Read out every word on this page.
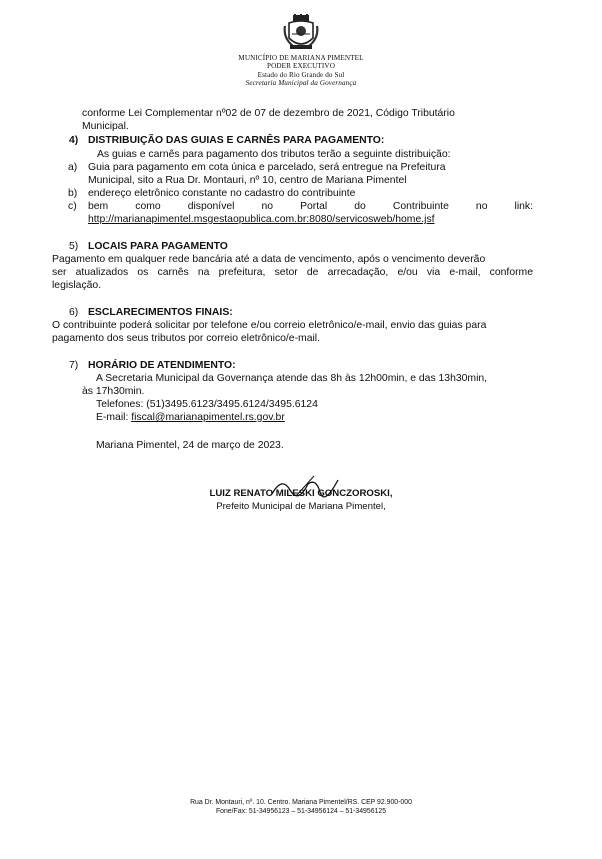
MUNICÍPIO DE MARIANA PIMENTEL
PODER EXECUTIVO
Estado do Rio Grande do Sul
Secretaria Municipal da Governança
conforme Lei Complementar nº02 de 07 de dezembro de 2021, Código Tributário
Municipal.
4) DISTRIBUIÇÃO DAS GUIAS E CARNÊS PARA PAGAMENTO:
As guias e carnês para pagamento dos tributos terão a seguinte distribuição:
a) Guia para pagamento em cota única e parcelado, será entregue na Prefeitura
Municipal, sito a Rua Dr. Montauri, nº 10, centro de Mariana Pimentel
b) endereço eletrônico constante no cadastro do contribuinte
c) bem como disponível no Portal do Contribuinte no link:
http://marianapimentel.msgestaopublica.com.br:8080/servicosweb/home.jsf
5) LOCAIS PARA PAGAMENTO
Pagamento em qualquer rede bancária até a data de vencimento, após o vencimento deverão
ser atualizados os carnês na prefeitura, setor de arrecadação, e/ou via e-mail, conforme
legislação.
6) ESCLARECIMENTOS FINAIS:
O contribuinte poderá solicitar por telefone e/ou correio eletrônico/e-mail, envio das guias para
pagamento dos seus tributos por correio eletrônico/e-mail.
7) HORÁRIO DE ATENDIMENTO:
A Secretaria Municipal da Governança atende das 8h às 12h00min, e das 13h30min,
às 17h30min.
Telefones: (51)3495.6123/3495.6124/3495.6124
E-mail: fiscal@marianapimentel.rs.gov.br
Mariana Pimentel, 24 de março de 2023.
LUIZ RENATO MILESKI GONCZOROSKI,
Prefeito Municipal de Mariana Pimentel,
Rua Dr. Montauri, nº. 10. Centro. Mariana Pimentel/RS. CEP 92.900-000
Fone/Fax: 51-34956123 – 51-34956124 – 51-34956125
